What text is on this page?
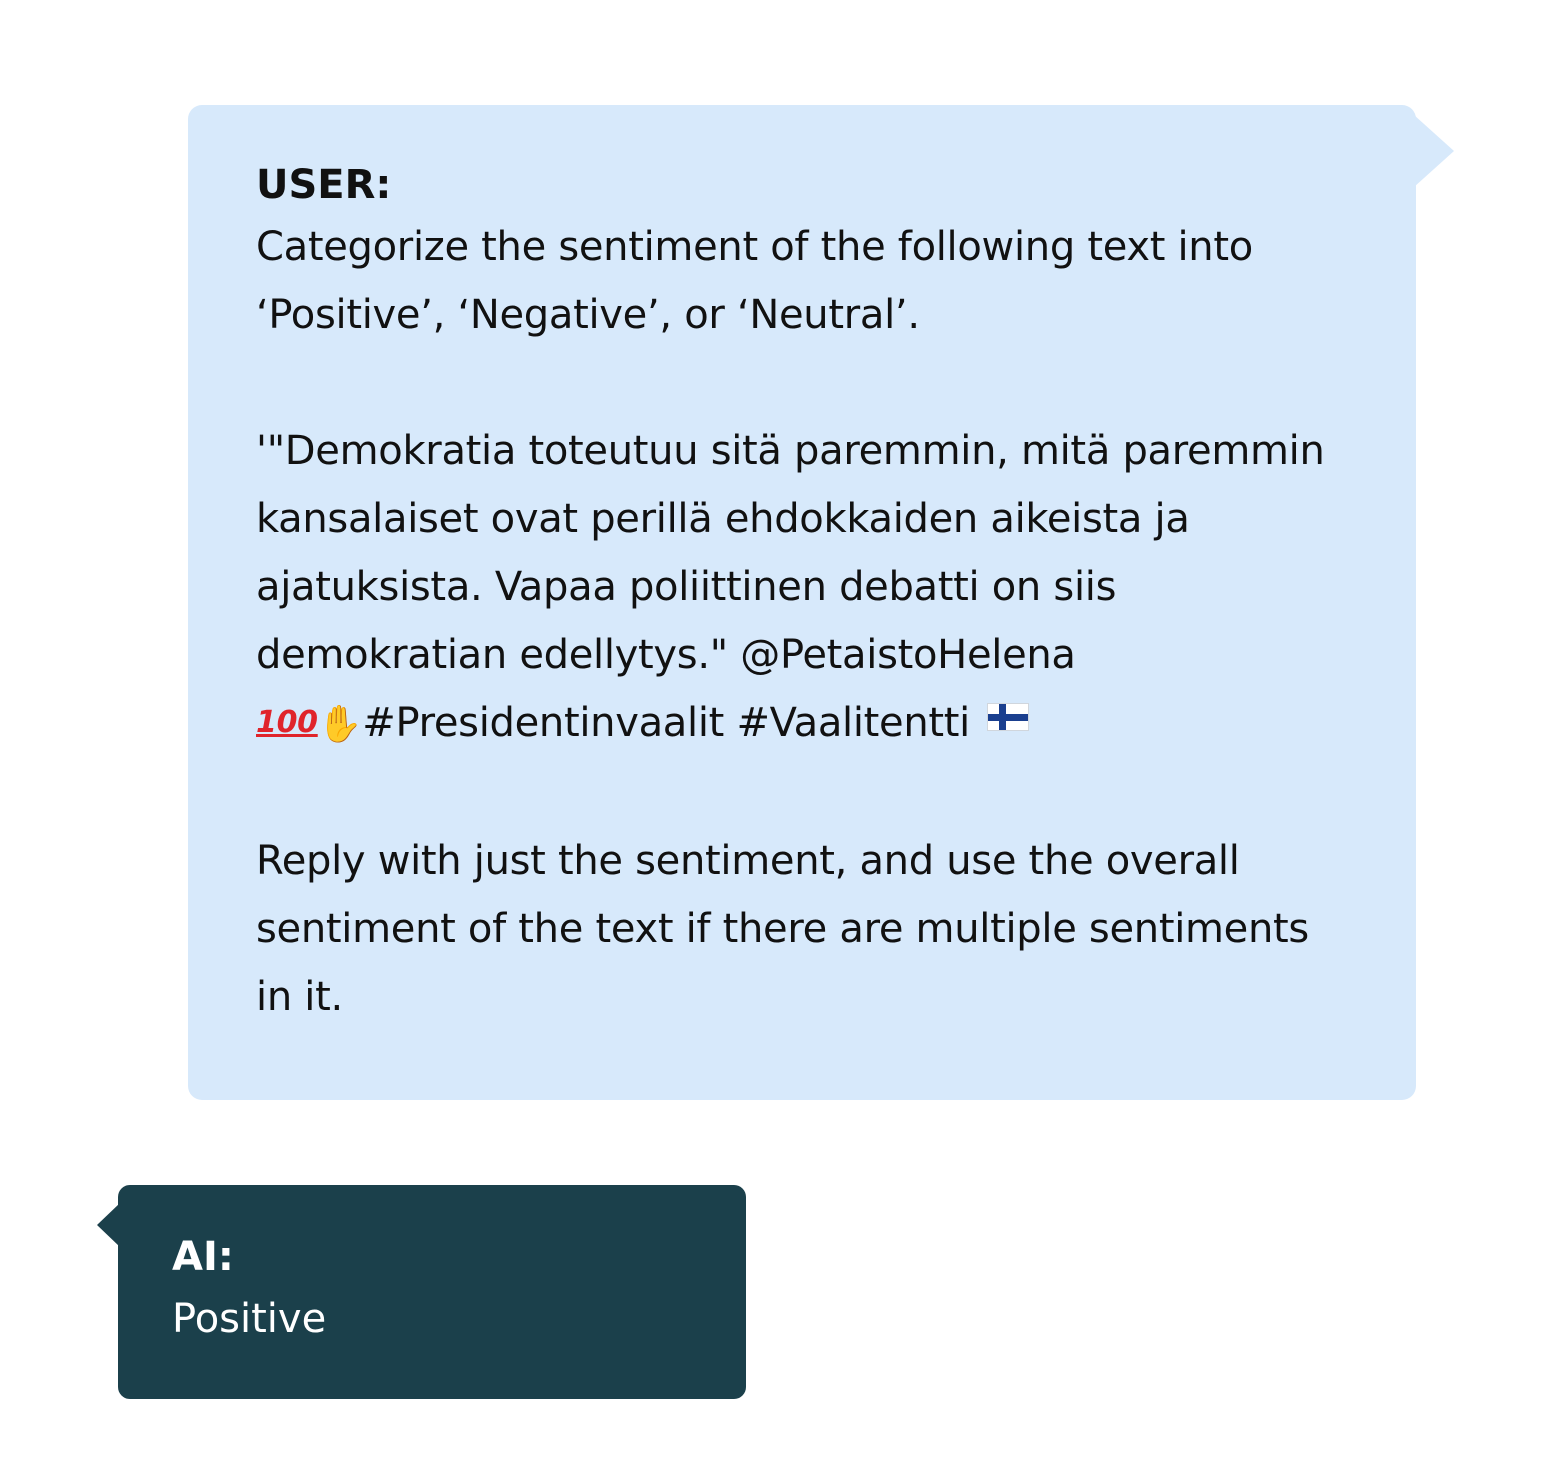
USER:

Categorize the sentiment of the following text into ‘Positive’, ‘Negative’, or ‘Neutral’.

'"Demokratia toteutuu sitä paremmin, mitä paremmin kansalaiset ovat perillä ehdokkaiden aikeista ja ajatuksista. Vapaa poliittinen debatti on siis demokratian edellytys." @PetaistoHelena
100✋#Presidentinvaalit #Vaalitentti

Reply with just the sentiment, and use the overall sentiment of the text if there are multiple sentiments in it.

AI:

Positive
